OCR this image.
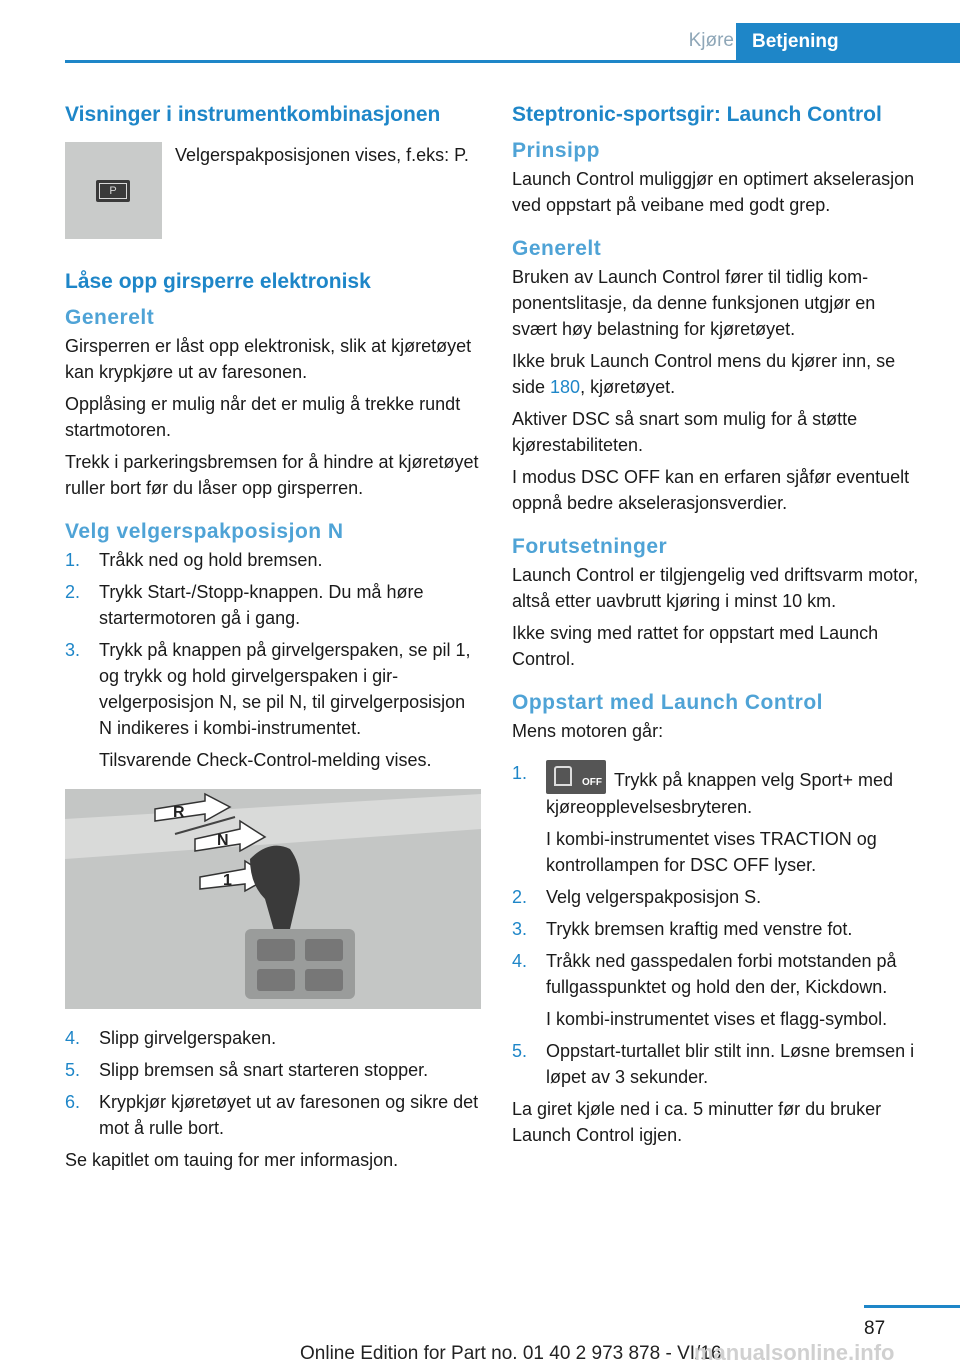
Kjøre Betjening
Visninger i instrumentkombinasjonen
P

Velgerspakposisjonen vises, f.eks: P.

Låse opp girsperre elektronisk
Generelt

Girsperren er låst opp elektronisk, slik at kjøretøyet kan krypkjøre ut av faresonen.

Opplåsing er mulig når det er mulig å trekke rundt startmotoren.

Trekk i parkeringsbremsen for å hindre at kjøretøyet ruller bort før du låser opp girsperren.

Velg velgerspakposisjon N
1. Tråkk ned og hold bremsen.
2. Trykk Start-/Stopp-knappen. Du må høre startermotoren gå i gang.
3. Trykk på knappen på girvelgerspaken, se pil 1, og trykk og hold girvelgerspaken i girvelgerposisjon N, se pil N, til girvelgerposisjon N indikeres i kombi-instrumentet.
Tilsvarende Check-Control-melding vises.
R
N
1
4. Slipp girvelgerspaken.
5. Slipp bremsen så snart starteren stopper.
6. Krypkjør kjøretøyet ut av faresonen og sikre det mot å rulle bort.

Se kapitlet om tauing for mer informasjon.

Steptronic-sportsgir: Launch Control
Prinsipp

Launch Control muliggjør en optimert akselerasjon ved oppstart på veibane med godt grep.

Generelt

Bruken av Launch Control fører til tidlig komponentslitasje, da denne funksjonen utgjør en svært høy belastning for kjøretøyet.

Ikke bruk Launch Control mens du kjører inn, se side 180, kjøretøyet.

Aktiver DSC så snart som mulig for å støtte kjørestabiliteten.

I modus DSC OFF kan en erfaren sjåfør eventuelt oppnå bedre akselerasjonsverdier.

Forutsetninger

Launch Control er tilgjengelig ved driftsvarm motor, altså etter uavbrutt kjøring i minst 10 km.

Ikke sving med rattet for oppstart med Launch Control.

Oppstart med Launch Control

Mens motoren går:

1.	OFF Trykk på knappen velg Sport+ med kjøreopplevelsesbryteren.
I kombi-instrumentet vises TRACTION og kontrollampen for DSC OFF lyser.
2. Velg velgerspakposisjon S.
3. Trykk bremsen kraftig med venstre fot.
4. Tråkk ned gasspedalen forbi motstanden på fullgasspunktet og hold den der, Kickdown.
I kombi-instrumentet vises et flagg-symbol.
5. Oppstart-turtallet blir stilt inn. Løsne bremsen i løpet av 3 sekunder.

La giret kjøle ned i ca. 5 minutter før du bruker Launch Control igjen.

87
Online Edition for Part no. 01 40 2 973 878 - VI/16
manualsonline.info
